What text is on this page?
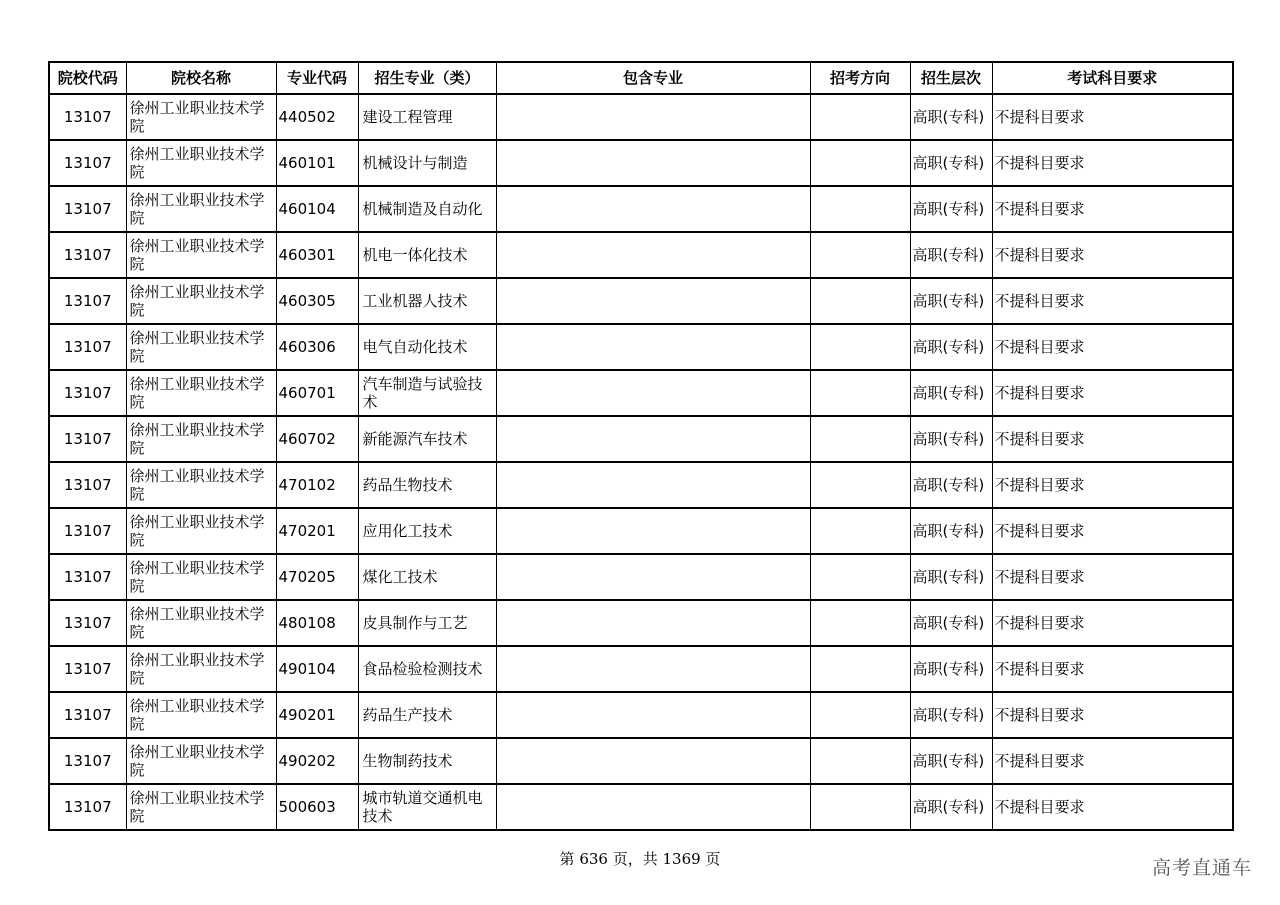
院校代码	院校名称	专业代码	招生专业（类）	包含专业	招考方向	招生层次	考试科目要求
13107	徐州工业职业技术学院	440502	建设工程管理			高职(专科)	不提科目要求
13107	徐州工业职业技术学院	460101	机械设计与制造			高职(专科)	不提科目要求
13107	徐州工业职业技术学院	460104	机械制造及自动化			高职(专科)	不提科目要求
13107	徐州工业职业技术学院	460301	机电一体化技术			高职(专科)	不提科目要求
13107	徐州工业职业技术学院	460305	工业机器人技术			高职(专科)	不提科目要求
13107	徐州工业职业技术学院	460306	电气自动化技术			高职(专科)	不提科目要求
13107	徐州工业职业技术学院	460701	汽车制造与试验技术			高职(专科)	不提科目要求
13107	徐州工业职业技术学院	460702	新能源汽车技术			高职(专科)	不提科目要求
13107	徐州工业职业技术学院	470102	药品生物技术			高职(专科)	不提科目要求
13107	徐州工业职业技术学院	470201	应用化工技术			高职(专科)	不提科目要求
13107	徐州工业职业技术学院	470205	煤化工技术			高职(专科)	不提科目要求
13107	徐州工业职业技术学院	480108	皮具制作与工艺			高职(专科)	不提科目要求
13107	徐州工业职业技术学院	490104	食品检验检测技术			高职(专科)	不提科目要求
13107	徐州工业职业技术学院	490201	药品生产技术			高职(专科)	不提科目要求
13107	徐州工业职业技术学院	490202	生物制药技术			高职(专科)	不提科目要求
13107	徐州工业职业技术学院	500603	城市轨道交通机电技术			高职(专科)	不提科目要求
第 636 页，共 1369 页	高考直通车
